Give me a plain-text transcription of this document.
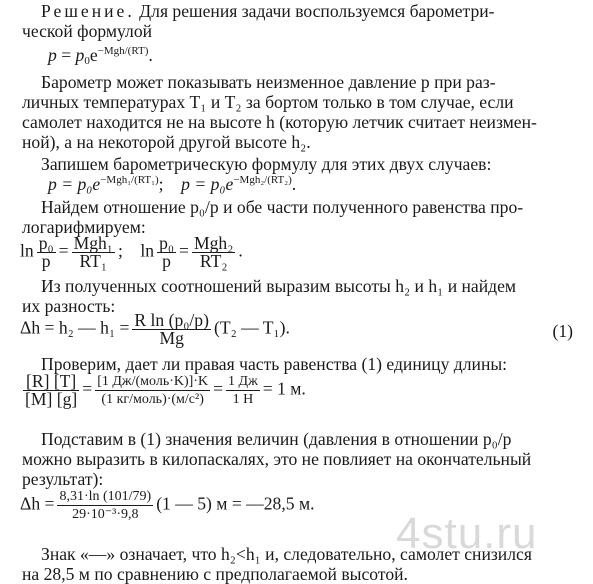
Решение. Для решения задачи воспользуемся барометри-
ческой формулой
$p = p_0e^{-Mgh/(RT)}$.
Барометр может показывать неизменное давление p при раз-
личных температурах T₁ и T₂ за бортом только в том случае, если
самолет находится не на высоте h (которую летчик считает неизмен-
ной), а на некоторой другой высоте h₂.
Запишем барометрическую формулу для этих двух случаев:
$p = p_0e^{-Mgh_1/(RT_1)}$; $p = p_0e^{-Mgh_2/(RT_2)}$.
Найдем отношение p₀/p и обе части полученного равенства про-
логарифмируем:
$\ln \frac{\text{p₀}}{p} = \frac{\text{Mgh₁}}{\text{RT₁}}$ ; $\ln \frac{\text{p₀}}{p} = \frac{\text{Mgh₂}}{\text{RT₂}}$ .
Из полученных соотношений выразим высоты h₂ и h₁ и найдем
их разность:
Δh = h₂ — $h_1 = \frac{\text{R ln (p₀/p)}}{Mg} (T_2$ — T₁).	(1)
Проверим, дает ли правая часть равенства (1) единицу длины:
$\frac{[R] [T]}{[M] [g]} = \frac{\text{[1 Дж/(моль·K)]·K}}{\text{(1 кг/моль)·(м/с²)}} = \frac{1 Дж}{1 Н} = 1$ м.
Подставим в (1) значения величин (давления в отношении p₀/p
можно выразить в килопаскалях, это не повлияет на окончательный
результат):
$\Delta h = \frac{8,31\cdot\ln (101/79)}{\text{29·10⁻³·9,8}} (1$ — 5) м = —28,5 м.
4stu.ru
Знак «—» означает, что h₂<h₁ и, следовательно, самолет снизился
на 28,5 м по сравнению с предполагаемой высотой.
